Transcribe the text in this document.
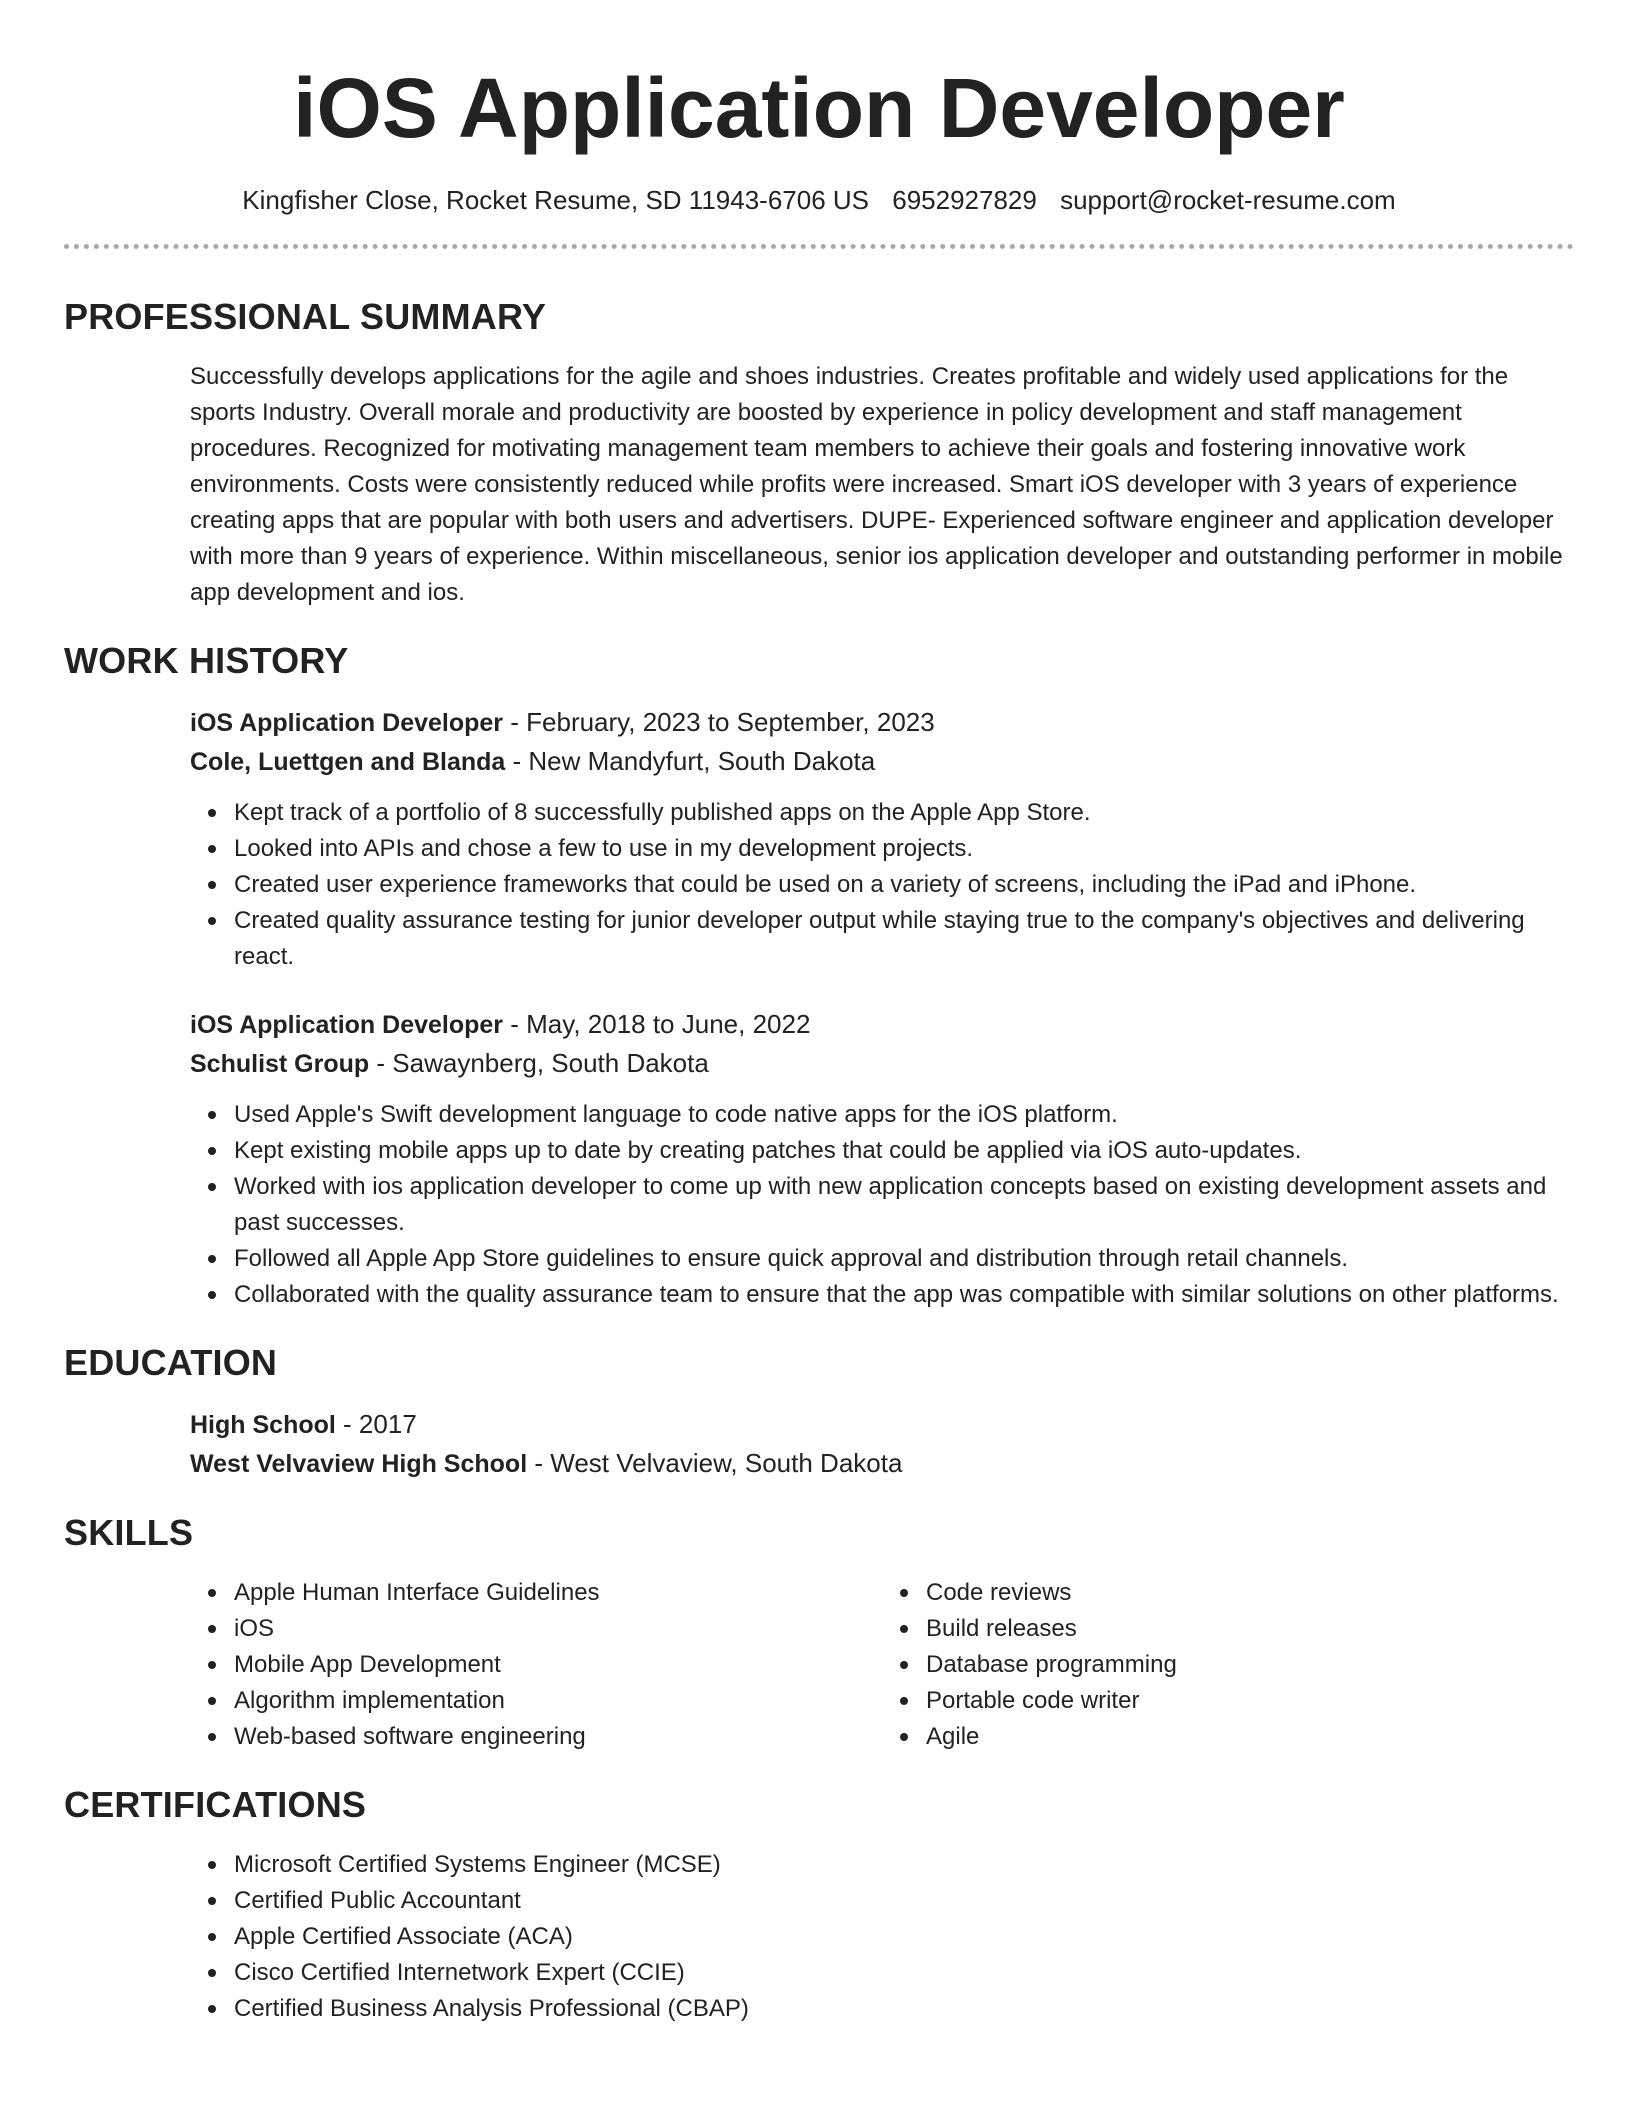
iOS Application Developer
Kingfisher Close, Rocket Resume, SD 11943-6706 US 6952927829 support@rocket-resume.com
PROFESSIONAL SUMMARY

Successfully develops applications for the agile and shoes industries. Creates profitable and widely used applications for the sports Industry. Overall morale and productivity are boosted by experience in policy development and staff management procedures. Recognized for motivating management team members to achieve their goals and fostering innovative work environments. Costs were consistently reduced while profits were increased. Smart iOS developer with 3 years of experience creating apps that are popular with both users and advertisers. DUPE- Experienced software engineer and application developer with more than 9 years of experience. Within miscellaneous, senior ios application developer and outstanding performer in mobile app development and ios.

WORK HISTORY

iOS Application Developer - February, 2023 to September, 2023

Cole, Luettgen and Blanda - New Mandyfurt, South Dakota

Kept track of a portfolio of 8 successfully published apps on the Apple App Store.
Looked into APIs and chose a few to use in my development projects.
Created user experience frameworks that could be used on a variety of screens, including the iPad and iPhone.
Created quality assurance testing for junior developer output while staying true to the company's objectives and delivering react.

iOS Application Developer - May, 2018 to June, 2022

Schulist Group - Sawaynberg, South Dakota

Used Apple's Swift development language to code native apps for the iOS platform.
Kept existing mobile apps up to date by creating patches that could be applied via iOS auto-updates.
Worked with ios application developer to come up with new application concepts based on existing development assets and past successes.
Followed all Apple App Store guidelines to ensure quick approval and distribution through retail channels.
Collaborated with the quality assurance team to ensure that the app was compatible with similar solutions on other platforms.
EDUCATION

High School - 2017

West Velvaview High School - West Velvaview, South Dakota

SKILLS
Apple Human Interface Guidelines
iOS
Mobile App Development
Algorithm implementation
Web-based software engineering
Code reviews
Build releases
Database programming
Portable code writer
Agile
CERTIFICATIONS
Microsoft Certified Systems Engineer (MCSE)
Certified Public Accountant
Apple Certified Associate (ACA)
Cisco Certified Internetwork Expert (CCIE)
Certified Business Analysis Professional (CBAP)
